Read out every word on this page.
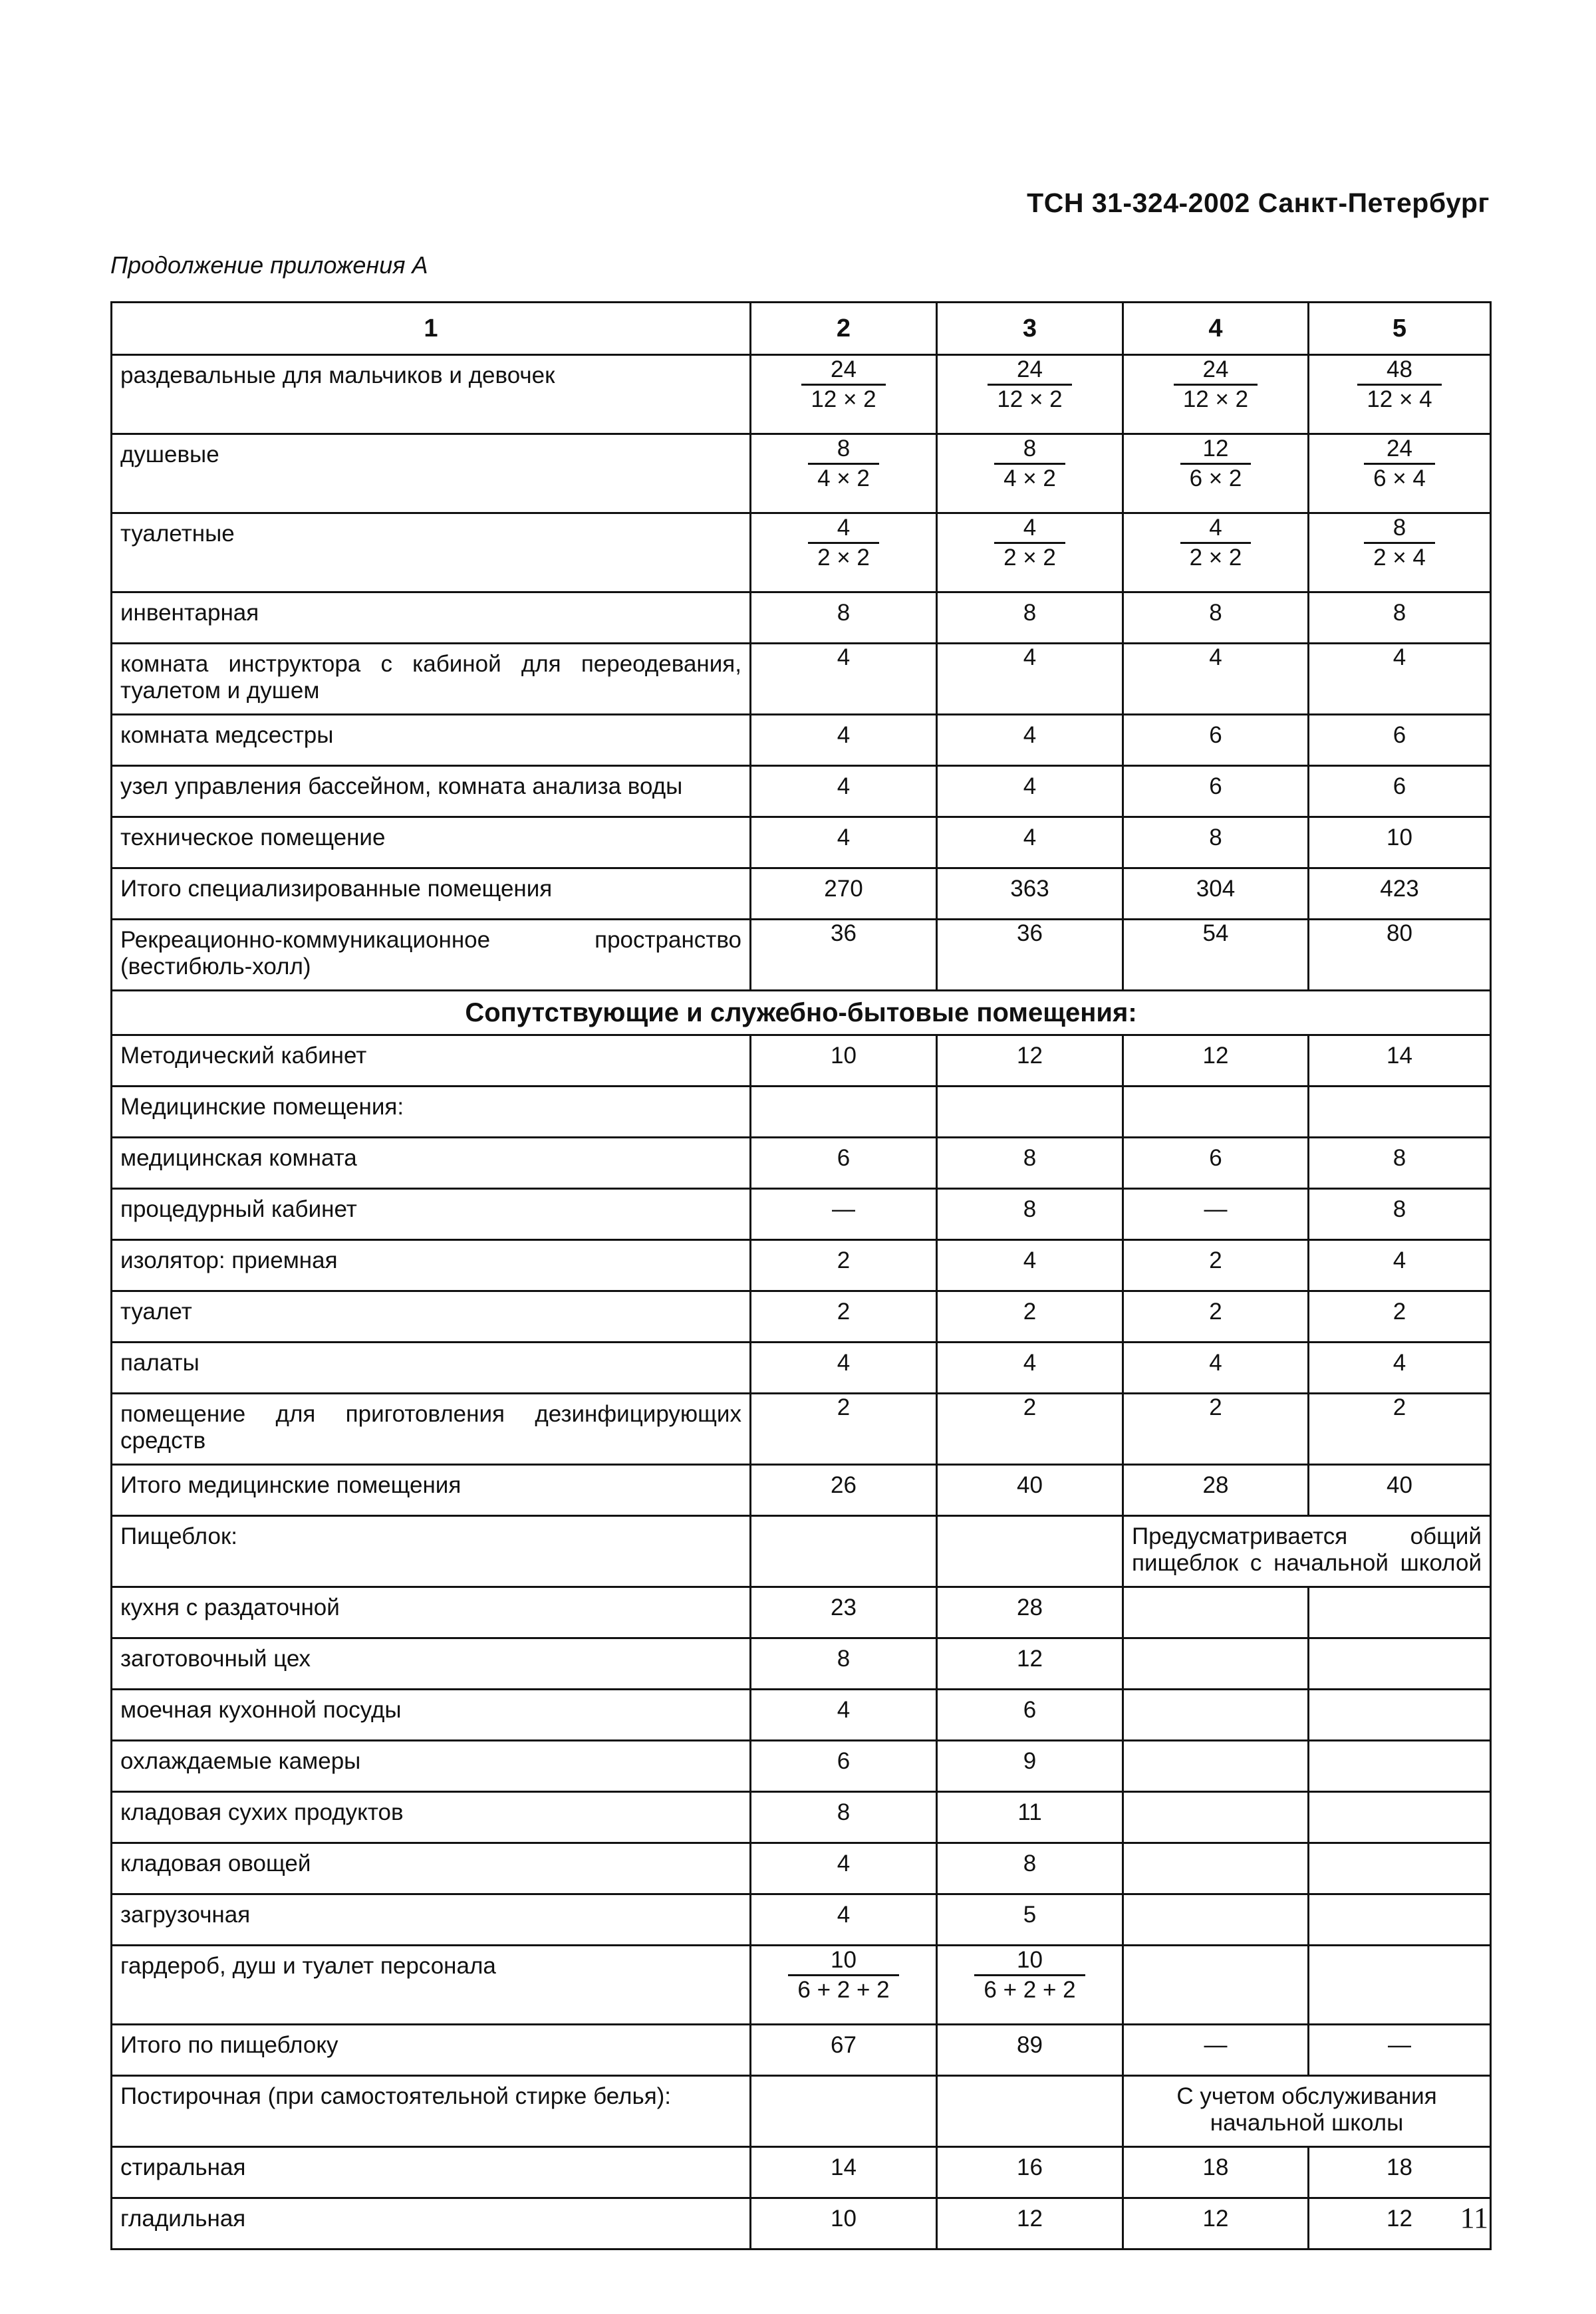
ТСН 31-324-2002 Санкт-Петербург
Продолжение приложения А
1	2	3	4	5
раздевальные для мальчиков и девочек	$\frac{24}{12 \times 2}$	$\frac{24}{12 \times 2}$	$\frac{24}{12 \times 2}$	$\frac{48}{12 \times 4}$

душевые	$\frac{8}{4 \times 2}$	$\frac{8}{4 \times 2}$	$\frac{12}{6 \times 2}$	$\frac{24}{6 \times 4}$

туалетные	$\frac{4}{2 \times 2}$	$\frac{4}{2 \times 2}$	$\frac{4}{2 \times 2}$	$\frac{8}{2 \times 4}$

инвентарная	8	8	8	8
комната инструктора с кабиной для переодевания, туалетом и душем	4	4	4	4
комната медсестры	4	4	6	6
узел управления бассейном, комната анализа воды	4	4	6	6
техническое помещение	4	4	8	10
Итого специализированные помещения	270	363	304	423
Рекреационно-коммуникационное пространство (вестибюль-холл)	36	36	54	80
Сопутствующие и служебно-бытовые помещения:				
Методический кабинет	10	12	12	14
Медицинские помещения:				
медицинская комната	6	8	6	8
процедурный кабинет	—	8	—	8
изолятор: приемная	2	4	2	4
туалет	2	2	2	2
палаты	4	4	4	4
помещение для приготовления дезинфицирующих средств	2	2	2	2
Итого медицинские помещения	26	40	28	40
Пищеблок:			Предусматривается общий пищеблок с начальной школой	
кухня с раздаточной	23	28		
заготовочный цех	8	12		
моечная кухонной посуды	4	6		
охлаждаемые камеры	6	9		
кладовая сухих продуктов	8	11		
кладовая овощей	4	8		
загрузочная	4	5		
гардероб, душ и туалет персонала	$\frac{10}{6 + 2 + 2}$	$\frac{10}{6 + 2 + 2}$

Итого по пищеблоку	67	89	—	—
Постирочная (при самостоятельной стирке белья):			С учетом обслуживания начальной школы	
стиральная	14	16	18	18
гладильная	10	12	12	12 11
